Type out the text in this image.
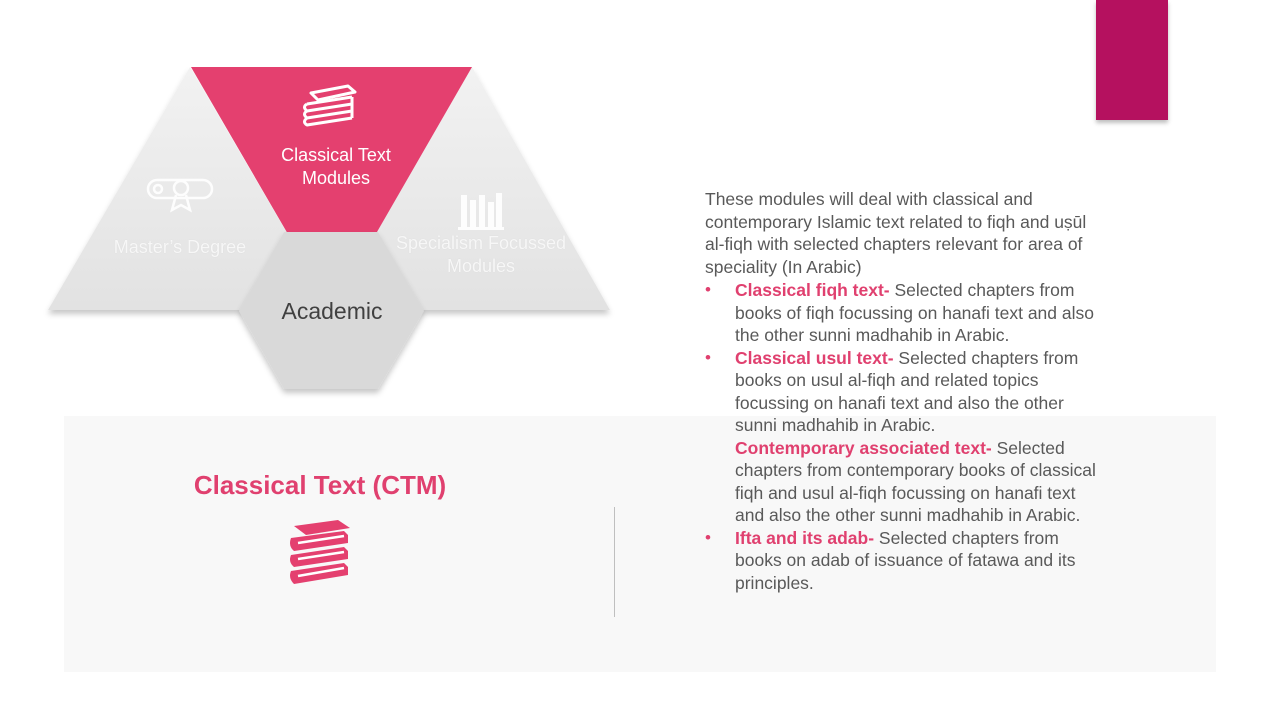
Classical Text
Modules
Master’s Degree	Specialism Focussed
Modules
Academic
Classical Text (CTM)

These modules will deal with classical and contemporary Islamic text related to fiqh and uṣūl al-fiqh with selected chapters relevant for area of speciality (In Arabic)

• Classical fiqh text- Selected chapters from books of fiqh focussing on hanafi text and also the other sunni madhahib in Arabic.
• Classical usul text- Selected chapters from books on usul al-fiqh and related topics focussing on hanafi text and also the other sunni madhahib in Arabic.
Contemporary associated text- Selected chapters from contemporary books of classical fiqh and usul al-fiqh focussing on hanafi text and also the other sunni madhahib in Arabic.
• Ifta and its adab- Selected chapters from books on adab of issuance of fatawa and its principles.
